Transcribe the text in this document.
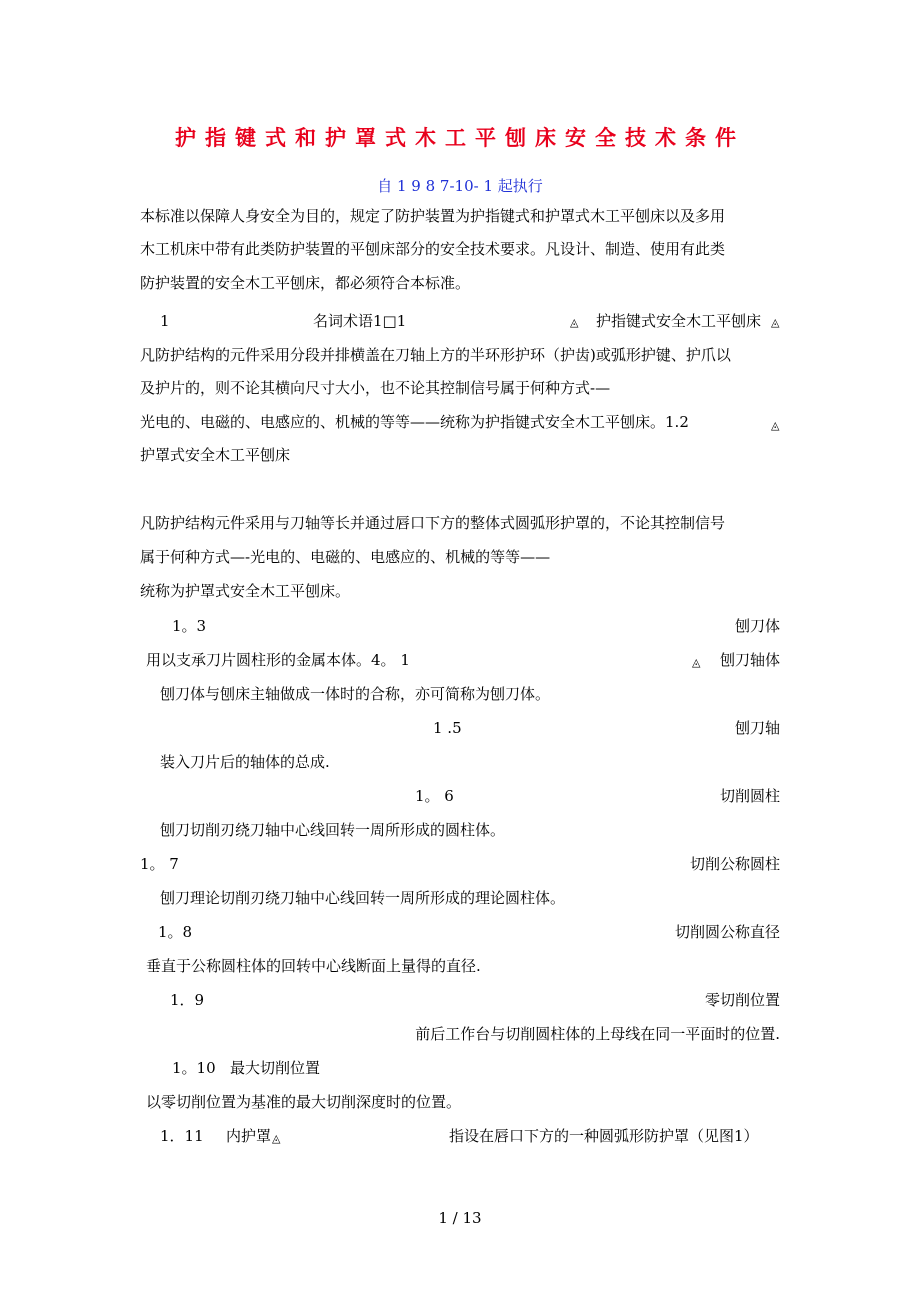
护指键式和护罩式木工平刨床安全技术条件
自 1 9 8 7-10- 1 起执行
本标准以保障人身安全为目的，规定了防护装置为护指键式和护罩式木工平刨床以及多用
木工机床中带有此类防护装置的平刨床部分的安全技术要求。凡设计、制造、使用有此类
防护装置的安全木工平刨床，都必须符合本标准。
1	名词术语1□1	◬ 护指键式安全木工平刨床 ◬
凡防护结构的元件采用分段并排横盖在刀轴上方的半环形护环（护齿)或弧形护键、护爪以
及护片的，则不论其横向尺寸大小，也不论其控制信号属于何种方式-—
光电的、电磁的、电感应的、机械的等等——统称为护指键式安全木工平刨床。1.2	◬
护罩式安全木工平刨床
凡防护结构元件采用与刀轴等长并通过唇口下方的整体式圆弧形护罩的，不论其控制信号
属于何种方式—-光电的、电磁的、电感应的、机械的等等——
统称为护罩式安全木工平刨床。
1。3	刨刀体
用以支承刀片圆柱形的金属本体。4。 1	◬ 刨刀轴体
刨刀体与刨床主轴做成一体时的合称，亦可简称为刨刀体。
1 .5	刨刀轴
装入刀片后的轴体的总成.
1。 6	切削圆柱
刨刀切削刃绕刀轴中心线回转一周所形成的圆柱体。
1。 7	切削公称圆柱
刨刀理论切削刃绕刀轴中心线回转一周所形成的理论圆柱体。
1。8	切削圆公称直径
垂直于公称圆柱体的回转中心线断面上量得的直径.
1．9	零切削位置
前后工作台与切削圆柱体的上母线在同一平面时的位置.
1。10 最大切削位置
以零切削位置为基准的最大切削深度时的位置。
1．11 内护罩 ◬	指设在唇口下方的一种圆弧形防护罩（见图1）
1 / 13
